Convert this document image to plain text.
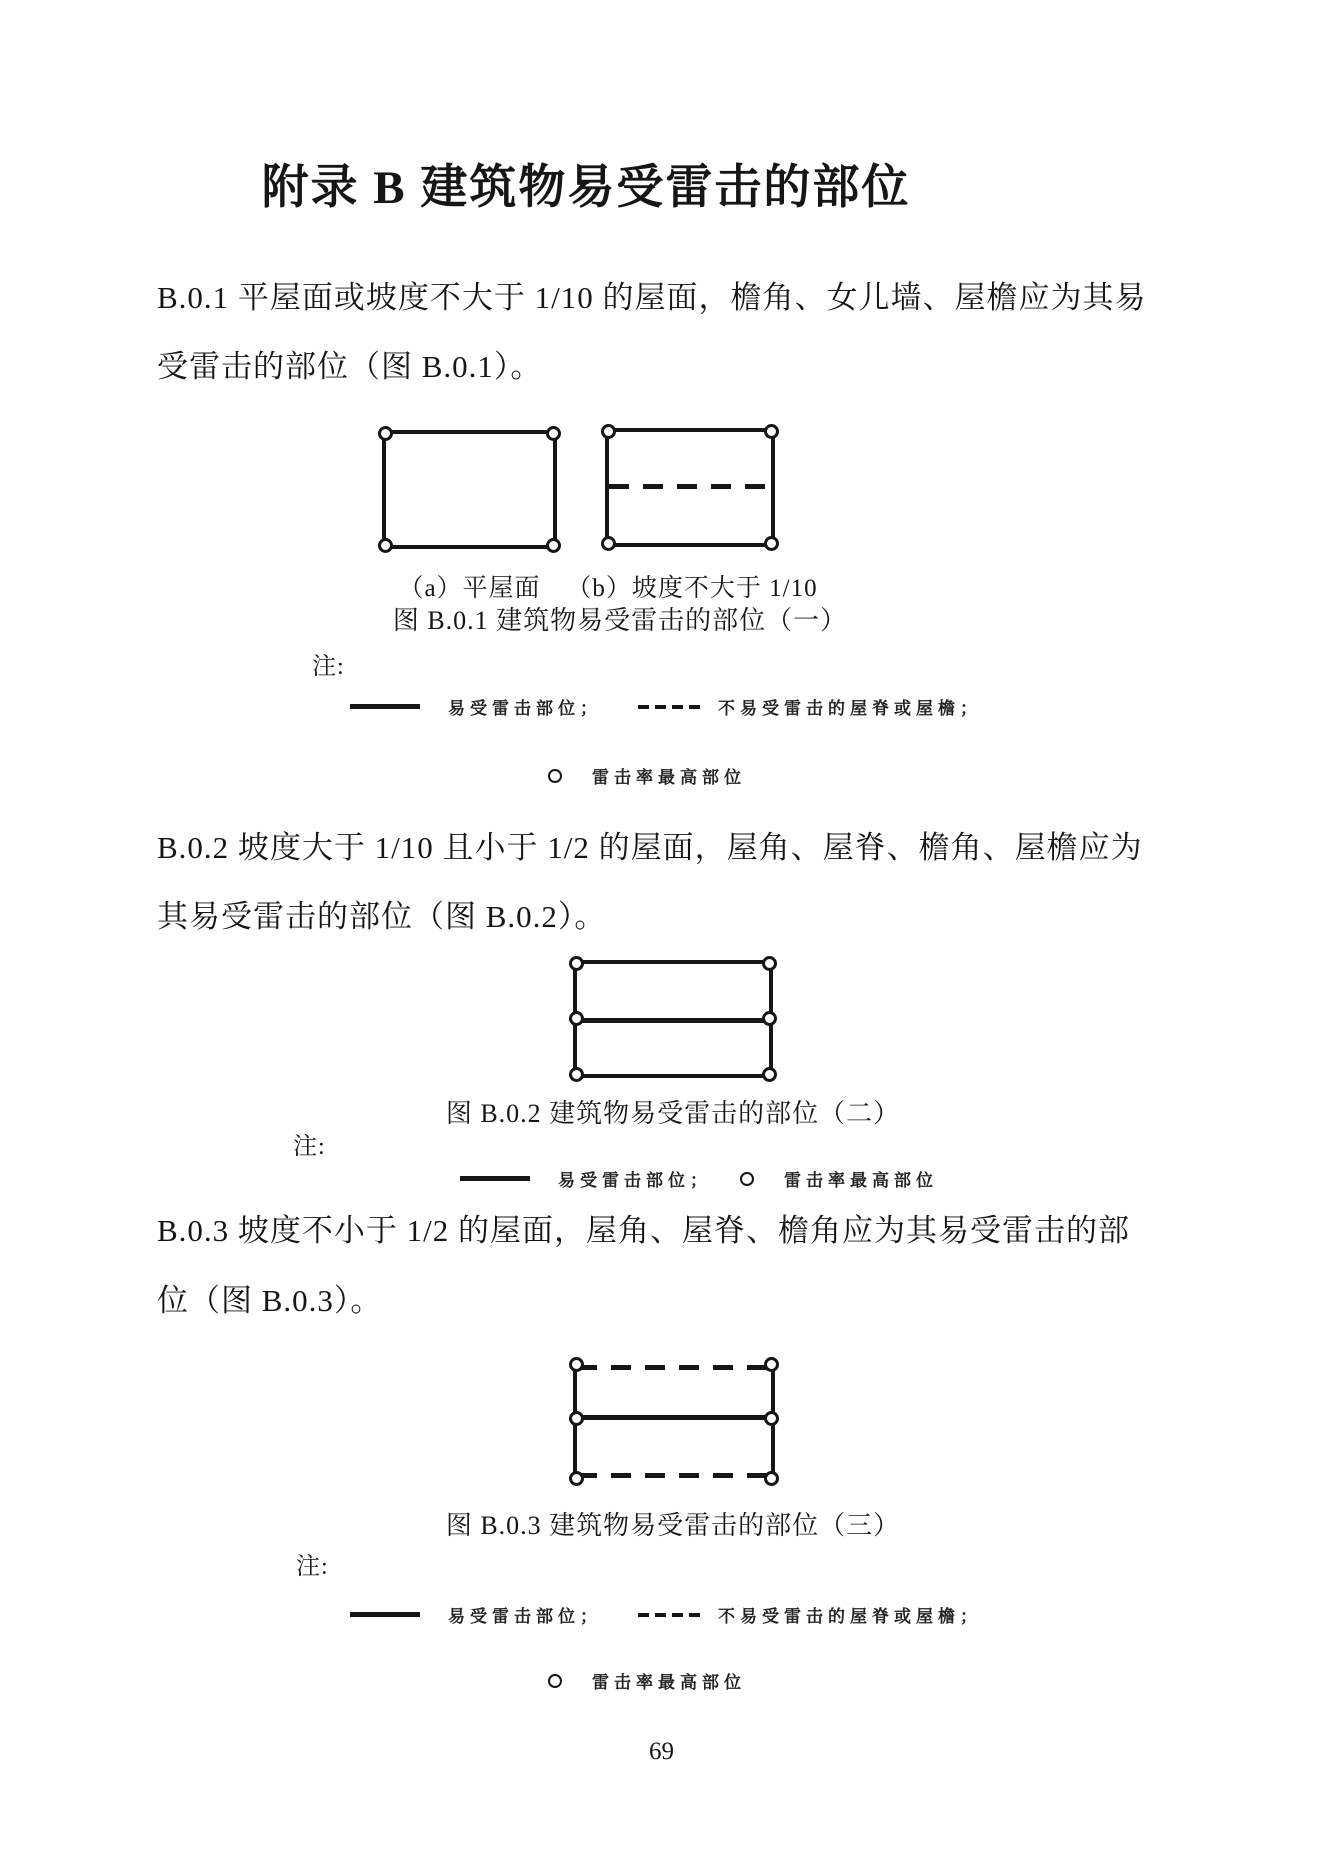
附录 B 建筑物易受雷击的部位
B.0.1 平屋面或坡度不大于 1/10 的屋面，檐角、女儿墙、屋檐应为其易
受雷击的部位（图 B.0.1）。
（a）平屋面	（b）坡度不大于 1/10
图 B.0.1 建筑物易受雷击的部位（一）
注:
易受雷击部位；	不易受雷击的屋脊或屋檐；
雷击率最高部位
B.0.2 坡度大于 1/10 且小于 1/2 的屋面，屋角、屋脊、檐角、屋檐应为
其易受雷击的部位（图 B.0.2）。
图 B.0.2 建筑物易受雷击的部位（二）
注:
易受雷击部位；	雷击率最高部位
B.0.3 坡度不小于 1/2 的屋面，屋角、屋脊、檐角应为其易受雷击的部
位（图 B.0.3）。
图 B.0.3 建筑物易受雷击的部位（三）
注:
易受雷击部位；	不易受雷击的屋脊或屋檐；
雷击率最高部位
69
